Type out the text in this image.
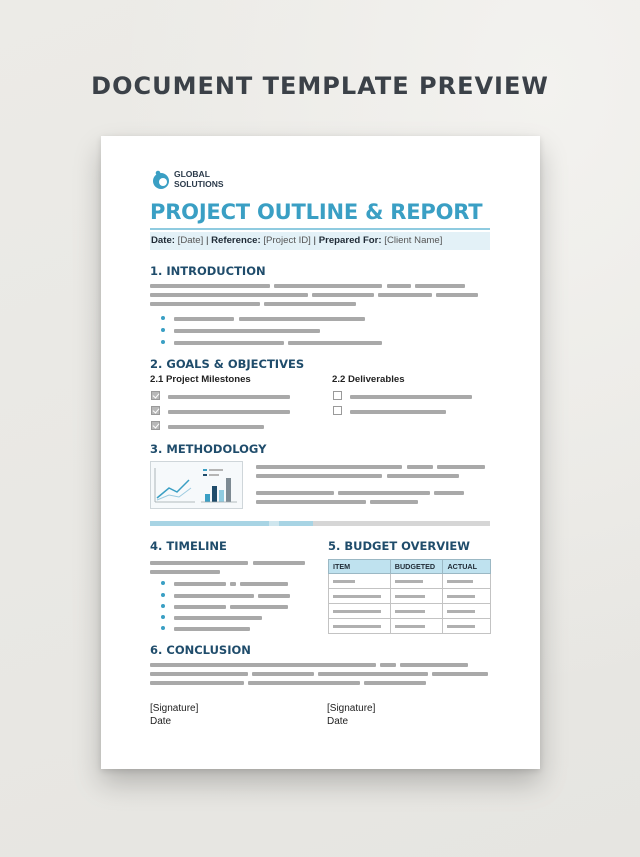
DOCUMENT TEMPLATE PREVIEW
GLOBAL
SOLUTIONS
PROJECT OUTLINE & REPORT
Date: [Date] | Reference: [Project ID] | Prepared For: [Client Name]
1. INTRODUCTION
2. GOALS & OBJECTIVES
2.1 Project Milestones	2.2 Deliverables
3. METHODOLOGY
4. TIMELINE	5. BUDGET OVERVIEW
ITEM	BUDGETED	ACTUAL

6. CONCLUSION
[Signature]
Date
[Signature]
Date
